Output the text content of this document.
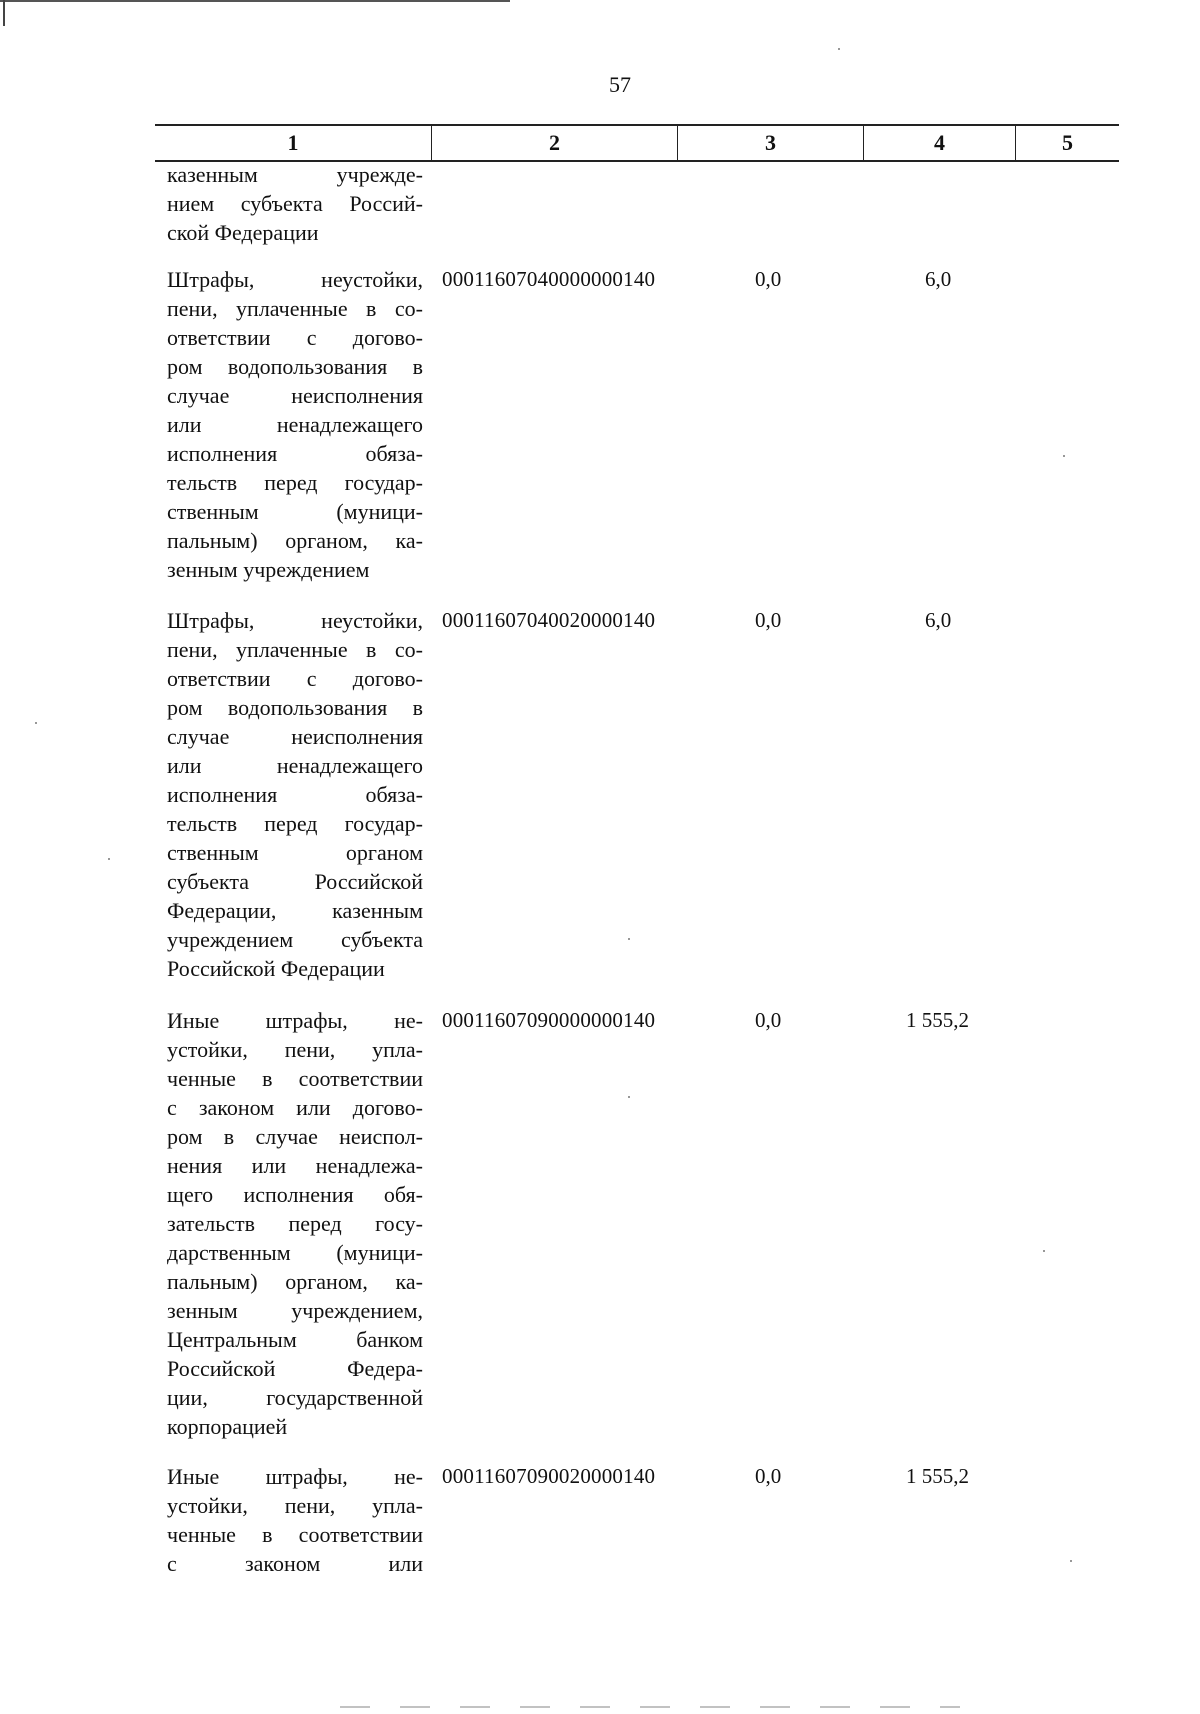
57
1	2	3	4	5
казенным учрежде-
нием субъекта Россий-
ской Федерации
Штрафы, неустойки,
пени, уплаченные в со-
ответствии с догово-
ром водопользования в
случае неисполнения
или ненадлежащего
исполнения обяза-
тельств перед государ-
ственным (муници-
пальным) органом, ка-
зенным учреждением
00011607040000000140	0,0	6,0
Штрафы, неустойки,
пени, уплаченные в со-
ответствии с догово-
ром водопользования в
случае неисполнения
или ненадлежащего
исполнения обяза-
тельств перед государ-
ственным органом
субъекта Российской
Федерации, казенным
учреждением субъекта
Российской Федерации
00011607040020000140	0,0	6,0
Иные штрафы, не-
устойки, пени, упла-
ченные в соответствии
с законом или догово-
ром в случае неиспол-
нения или ненадлежа-
щего исполнения обя-
зательств перед госу-
дарственным (муници-
пальным) органом, ка-
зенным учреждением,
Центральным банком
Российской Федера-
ции, государственной
корпорацией
00011607090000000140	0,0	1 555,2
Иные штрафы, не-
устойки, пени, упла-
ченные в соответствии
с законом или
00011607090020000140	0,0	1 555,2
